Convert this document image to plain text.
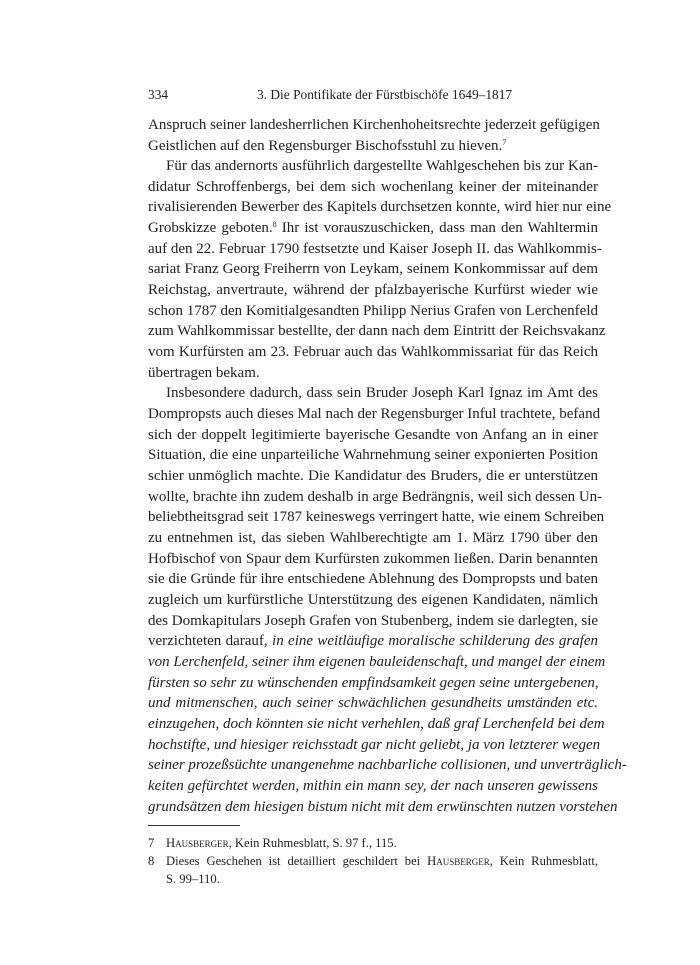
334	3. Die Pontifikate der Fürstbischöfe 1649–1817
Anspruch seiner landesherrlichen Kirchenhoheitsrechte jederzeit gefügigen
Geistlichen auf den Regensburger Bischofsstuhl zu hieven.$^7$
Für das andernorts ausführlich dargestellte Wahlgeschehen bis zur Kan-
didatur Schroffenbergs, bei dem sich wochenlang keiner der miteinander
rivalisierenden Bewerber des Kapitels durchsetzen konnte, wird hier nur eine
Grobskizze geboten.$^8$ Ihr ist vorauszuschicken, dass man den Wahltermin
auf den 22. Februar 1790 festsetzte und Kaiser Joseph II. das Wahlkommis-
sariat Franz Georg Freiherrn von Leykam, seinem Konkommissar auf dem
Reichstag, anvertraute, während der pfalzbayerische Kurfürst wieder wie
schon 1787 den Komitialgesandten Philipp Nerius Grafen von Lerchenfeld
zum Wahlkommissar bestellte, der dann nach dem Eintritt der Reichsvakanz
vom Kurfürsten am 23. Februar auch das Wahlkommissariat für das Reich
übertragen bekam.
Insbesondere dadurch, dass sein Bruder Joseph Karl Ignaz im Amt des
Dompropsts auch dieses Mal nach der Regensburger Inful trachtete, befand
sich der doppelt legitimierte bayerische Gesandte von Anfang an in einer
Situation, die eine unparteiliche Wahrnehmung seiner exponierten Position
schier unmöglich machte. Die Kandidatur des Bruders, die er unterstützen
wollte, brachte ihn zudem deshalb in arge Bedrängnis, weil sich dessen Un-
beliebtheitsgrad seit 1787 keineswegs verringert hatte, wie einem Schreiben
zu entnehmen ist, das sieben Wahlberechtigte am 1. März 1790 über den
Hofbischof von Spaur dem Kurfürsten zukommen ließen. Darin benannten
sie die Gründe für ihre entschiedene Ablehnung des Dompropsts und baten
zugleich um kurfürstliche Unterstützung des eigenen Kandidaten, nämlich
des Domkapitulars Joseph Grafen von Stubenberg, indem sie darlegten, sie
verzichteten darauf, in eine weitläufige moralische schilderung des grafen
von Lerchenfeld, seiner ihm eigenen bauleidenschaft, und mangel der einem
fürsten so sehr zu wünschenden empfindsamkeit gegen seine untergebenen,
und mitmenschen, auch seiner schwächlichen gesundheits umständen etc.
einzugehen, doch könnten sie nicht verhehlen, daß graf Lerchenfeld bei dem
hochstifte, und hiesiger reichsstadt gar nicht geliebt, ja von letzterer wegen
seiner prozeßsüchte unangenehme nachbarliche collisionen, und unverträglich-
keiten gefürchtet werden, mithin ein mann sey, der nach unseren gewissens
grundsätzen dem hiesigen bistum nicht mit dem erwünschten nutzen vorstehen
7 Hausberger, Kein Ruhmesblatt, S. 97 f., 115.
8 Dieses Geschehen ist detailliert geschildert bei Hausberger, Kein Ruhmesblatt,
S. 99–110.
